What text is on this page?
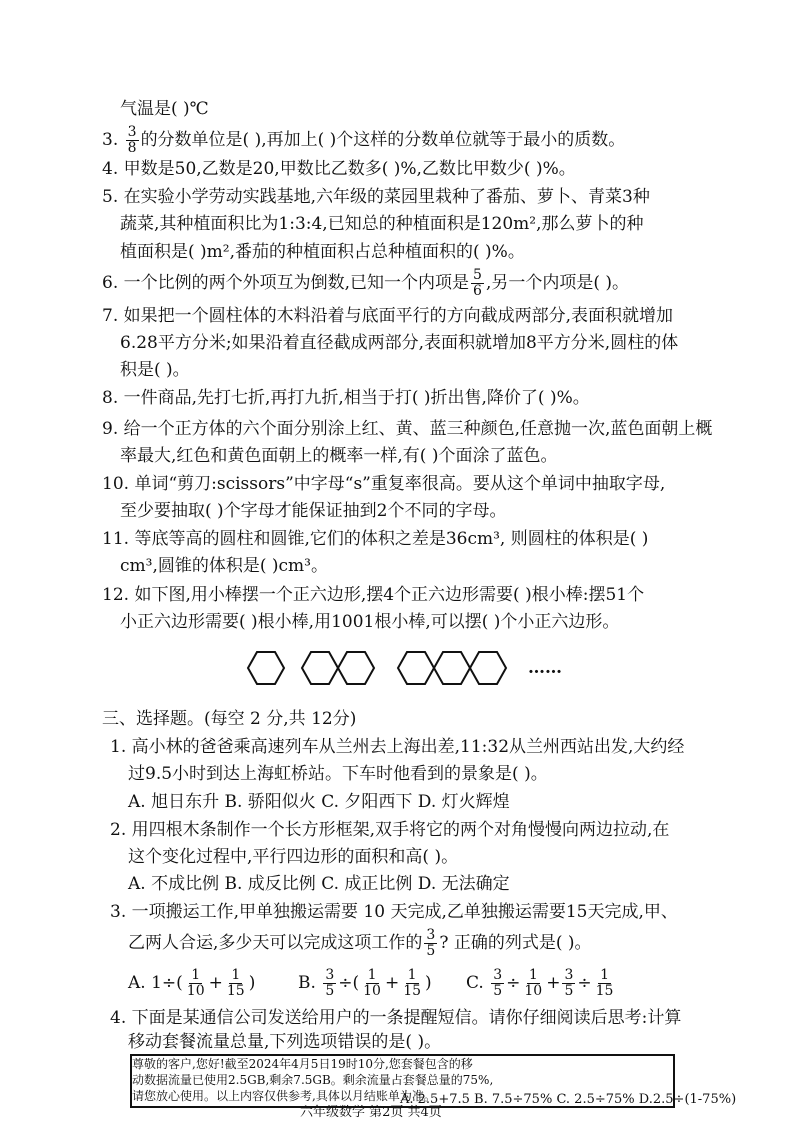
气温是( )℃
3. $\frac{3}{8}$ 的分数单位是( ),再加上( )个这样的分数单位就等于最小的质数。
4. 甲数是50,乙数是20,甲数比乙数多( )%,乙数比甲数少( )%。
5. 在实验小学劳动实践基地,六年级的菜园里栽种了番茄、萝卜、青菜3种
蔬菜,其种植面积比为1:3:4,已知总的种植面积是120m²,那么萝卜的种
植面积是( )m²,番茄的种植面积占总种植面积的( )%。
6. 一个比例的两个外项互为倒数,已知一个内项是 $\frac{5}{6}$ ,另一个内项是( )。
7. 如果把一个圆柱体的木料沿着与底面平行的方向截成两部分,表面积就增加
6.28平方分米;如果沿着直径截成两部分,表面积就增加8平方分米,圆柱的体
积是( )。
8. 一件商品,先打七折,再打九折,相当于打( )折出售,降价了( )%。
9. 给一个正方体的六个面分别涂上红、黄、蓝三种颜色,任意抛一次,蓝色面朝上概
率最大,红色和黄色面朝上的概率一样,有( )个面涂了蓝色。
10. 单词“剪刀:scissors”中字母“s”重复率很高。要从这个单词中抽取字母,
至少要抽取( )个字母才能保证抽到2个不同的字母。
11. 等底等高的圆柱和圆锥,它们的体积之差是36cm³, 则圆柱的体积是( )
cm³,圆锥的体积是( )cm³。
12. 如下图,用小棒摆一个正六边形,摆4个正六边形需要( )根小棒:摆51个
小正六边形需要( )根小棒,用1001根小棒,可以摆( )个小正六边形。
……
三、选择题。(每空 2 分,共 12分)
1. 高小林的爸爸乘高速列车从兰州去上海出差,11:32从兰州西站出发,大约经
过9.5小时到达上海虹桥站。下车时他看到的景象是( )。
A. 旭日东升 B. 骄阳似火 C. 夕阳西下 D. 灯火辉煌
2. 用四根木条制作一个长方形框架,双手将它的两个对角慢慢向两边拉动,在
这个变化过程中,平行四边形的面积和高( )。
A. 不成比例 B. 成反比例 C. 成正比例 D. 无法确定
3. 一项搬运工作,甲单独搬运需要 10 天完成,乙单独搬运需要15天完成,甲、
乙两人合运,多少天可以完成这项工作的 $\frac{3}{5}$ ? 正确的列式是( )。
A. $1\div( \frac{1}{10} + \frac{1}{15}$ )	B. $\frac{3}{5}$ ÷( $\frac{1}{10} + \frac{1}{15}$ ) C. $\frac{3}{5} \div \frac{1}{10} + \frac{3}{5} \div \frac{1}{15}$
4. 下面是某通信公司发送给用户的一条提醒短信。请你仔细阅读后思考:计算
移动套餐流量总量,下列选项错误的是( )。
尊敬的客户,您好!截至2024年4月5日19时10分,您套餐包含的移
动数据流量已使用2.5GB,剩余7.5GB。剩余流量占套餐总量的75%,
请您放心使用。以上内容仅供参考,具体以月结账单为准。
A. 2.5+7.5 B. 7.5÷75% C. 2.5÷75% D.2.5÷(1-75%)
六年级数学 第2页 共4页
